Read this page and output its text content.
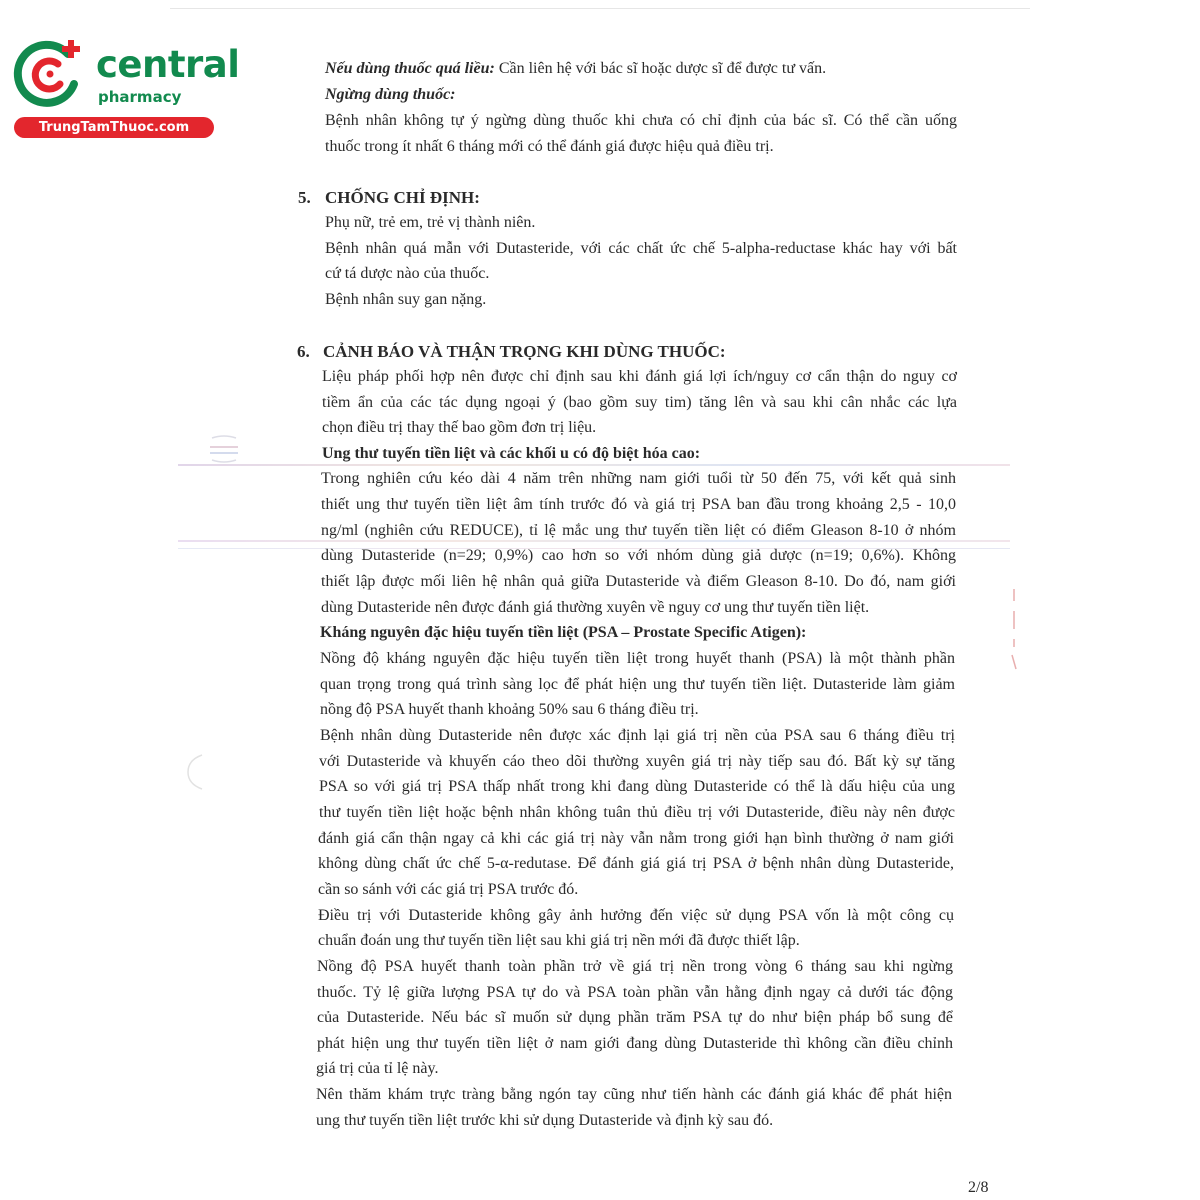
central
pharmacy
TrungTamThuoc.com
Nếu dùng thuốc quá liều: Cần liên hệ với bác sĩ hoặc dược sĩ để được tư vấn.
Ngừng dùng thuốc:
Bệnh nhân không tự ý ngừng dùng thuốc khi chưa có chỉ định của bác sĩ. Có thể cần uống
thuốc trong ít nhất 6 tháng mới có thể đánh giá được hiệu quả điều trị.
5. CHỐNG CHỈ ĐỊNH:
Phụ nữ, trẻ em, trẻ vị thành niên.
Bệnh nhân quá mẫn với Dutasteride, với các chất ức chế 5-alpha-reductase khác hay với bất
cứ tá dược nào của thuốc.
Bệnh nhân suy gan nặng.
6. CẢNH BÁO VÀ THẬN TRỌNG KHI DÙNG THUỐC:
Liệu pháp phối hợp nên được chỉ định sau khi đánh giá lợi ích/nguy cơ cẩn thận do nguy cơ
tiềm ẩn của các tác dụng ngoại ý (bao gồm suy tim) tăng lên và sau khi cân nhắc các lựa
chọn điều trị thay thế bao gồm đơn trị liệu.
Ung thư tuyến tiền liệt và các khối u có độ biệt hóa cao:
Trong nghiên cứu kéo dài 4 năm trên những nam giới tuổi từ 50 đến 75, với kết quả sinh
thiết ung thư tuyến tiền liệt âm tính trước đó và giá trị PSA ban đầu trong khoảng 2,5 - 10,0
ng/ml (nghiên cứu REDUCE), tỉ lệ mắc ung thư tuyến tiền liệt có điểm Gleason 8-10 ở nhóm
dùng Dutasteride (n=29; 0,9%) cao hơn so với nhóm dùng giả dược (n=19; 0,6%). Không
thiết lập được mối liên hệ nhân quả giữa Dutasteride và điểm Gleason 8-10. Do đó, nam giới
dùng Dutasteride nên được đánh giá thường xuyên về nguy cơ ung thư tuyến tiền liệt.
Kháng nguyên đặc hiệu tuyến tiền liệt (PSA – Prostate Specific Atigen):
Nồng độ kháng nguyên đặc hiệu tuyến tiền liệt trong huyết thanh (PSA) là một thành phần
quan trọng trong quá trình sàng lọc để phát hiện ung thư tuyến tiền liệt. Dutasteride làm giảm
nồng độ PSA huyết thanh khoảng 50% sau 6 tháng điều trị.
Bệnh nhân dùng Dutasteride nên được xác định lại giá trị nền của PSA sau 6 tháng điều trị
với Dutasteride và khuyến cáo theo dõi thường xuyên giá trị này tiếp sau đó. Bất kỳ sự tăng
PSA so với giá trị PSA thấp nhất trong khi đang dùng Dutasteride có thể là dấu hiệu của ung
thư tuyến tiền liệt hoặc bệnh nhân không tuân thủ điều trị với Dutasteride, điều này nên được
đánh giá cẩn thận ngay cả khi các giá trị này vẫn nằm trong giới hạn bình thường ở nam giới
không dùng chất ức chế 5-α-redutase. Để đánh giá giá trị PSA ở bệnh nhân dùng Dutasteride,
cần so sánh với các giá trị PSA trước đó.
Điều trị với Dutasteride không gây ảnh hưởng đến việc sử dụng PSA vốn là một công cụ
chuẩn đoán ung thư tuyến tiền liệt sau khi giá trị nền mới đã được thiết lập.
Nồng độ PSA huyết thanh toàn phần trở về giá trị nền trong vòng 6 tháng sau khi ngừng
thuốc. Tỷ lệ giữa lượng PSA tự do và PSA toàn phần vẫn hằng định ngay cả dưới tác động
của Dutasteride. Nếu bác sĩ muốn sử dụng phần trăm PSA tự do như biện pháp bổ sung để
phát hiện ung thư tuyến tiền liệt ở nam giới đang dùng Dutasteride thì không cần điều chỉnh
giá trị của tỉ lệ này.
Nên thăm khám trực tràng bằng ngón tay cũng như tiến hành các đánh giá khác để phát hiện
ung thư tuyến tiền liệt trước khi sử dụng Dutasteride và định kỳ sau đó.
2/8
